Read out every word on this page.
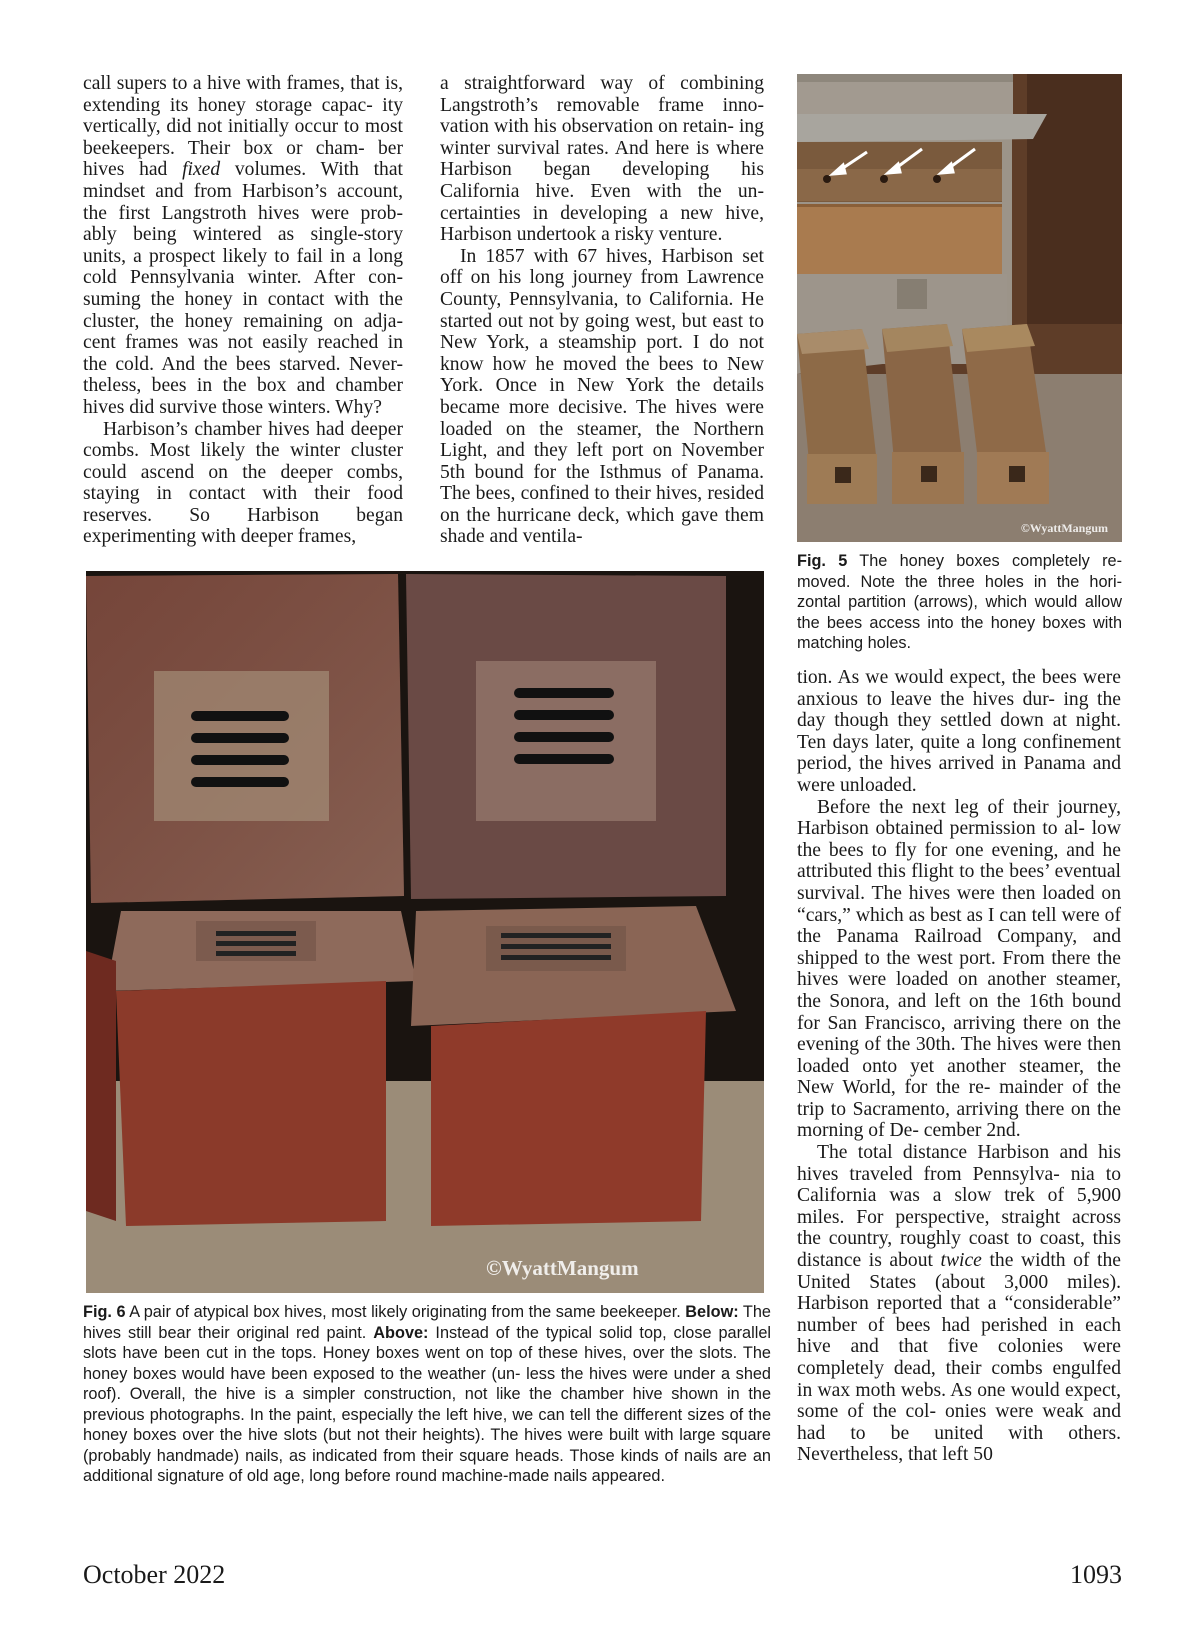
call supers to a hive with frames, that is, extending its honey storage capac- ity vertically, did not initially occur to most beekeepers. Their box or cham- ber hives had fixed volumes. With that mindset and from Harbison’s account, the first Langstroth hives were prob- ably being wintered as single-story units, a prospect likely to fail in a long cold Pennsylvania winter. After con- suming the honey in contact with the cluster, the honey remaining on adja- cent frames was not easily reached in the cold. And the bees starved. Never- theless, bees in the box and chamber hives did survive those winters. Why?

Harbison’s chamber hives had deeper combs. Most likely the winter cluster could ascend on the deeper combs, staying in contact with their food reserves. So Harbison began experimenting with deeper frames,

a straightforward way of combining Langstroth’s removable frame inno- vation with his observation on retain- ing winter survival rates. And here is where Harbison began developing his California hive. Even with the un- certainties in developing a new hive, Harbison undertook a risky venture.

In 1857 with 67 hives, Harbison set off on his long journey from Lawrence County, Pennsylvania, to California. He started out not by going west, but east to New York, a steamship port. I do not know how he moved the bees to New York. Once in New York the details became more decisive. The hives were loaded on the steamer, the Northern Light, and they left port on November 5th bound for the Isthmus of Panama. The bees, confined to their hives, resided on the hurricane deck, which gave them shade and ventila-	©WyattMangum
Fig. 5 The honey boxes completely re- moved. Note the three holes in the hori- zontal partition (arrows), which would allow the bees access into the honey boxes with matching holes.
©WyattMangum
Fig. 6 A pair of atypical box hives, most likely originating from the same beekeeper. Below: The hives still bear their original red paint. Above: Instead of the typical solid top, close parallel slots have been cut in the tops. Honey boxes went on top of these hives, over the slots. The honey boxes would have been exposed to the weather (un- less the hives were under a shed roof). Overall, the hive is a simpler construction, not like the chamber hive shown in the previous photographs. In the paint, especially the left hive, we can tell the different sizes of the honey boxes over the hive slots (but not their heights). The hives were built with large square (probably handmade) nails, as indicated from their square heads. Those kinds of nails are an additional signature of old age, long before round machine-made nails appeared.

tion. As we would expect, the bees were anxious to leave the hives dur- ing the day though they settled down at night. Ten days later, quite a long confinement period, the hives arrived in Panama and were unloaded.

Before the next leg of their journey, Harbison obtained permission to al- low the bees to fly for one evening, and he attributed this flight to the bees’ eventual survival. The hives were then loaded on “cars,” which as best as I can tell were of the Panama Railroad Company, and shipped to the west port. From there the hives were loaded on another steamer, the Sonora, and left on the 16th bound for San Francisco, arriving there on the evening of the 30th. The hives were then loaded onto yet another steamer, the New World, for the re- mainder of the trip to Sacramento, arriving there on the morning of De- cember 2nd.

The total distance Harbison and his hives traveled from Pennsylva- nia to California was a slow trek of 5,900 miles. For perspective, straight across the country, roughly coast to coast, this distance is about twice the width of the United States (about 3,000 miles). Harbison reported that a “considerable” number of bees had perished in each hive and that five colonies were completely dead, their combs engulfed in wax moth webs. As one would expect, some of the col- onies were weak and had to be united with others. Nevertheless, that left 50

October 2022	1093
